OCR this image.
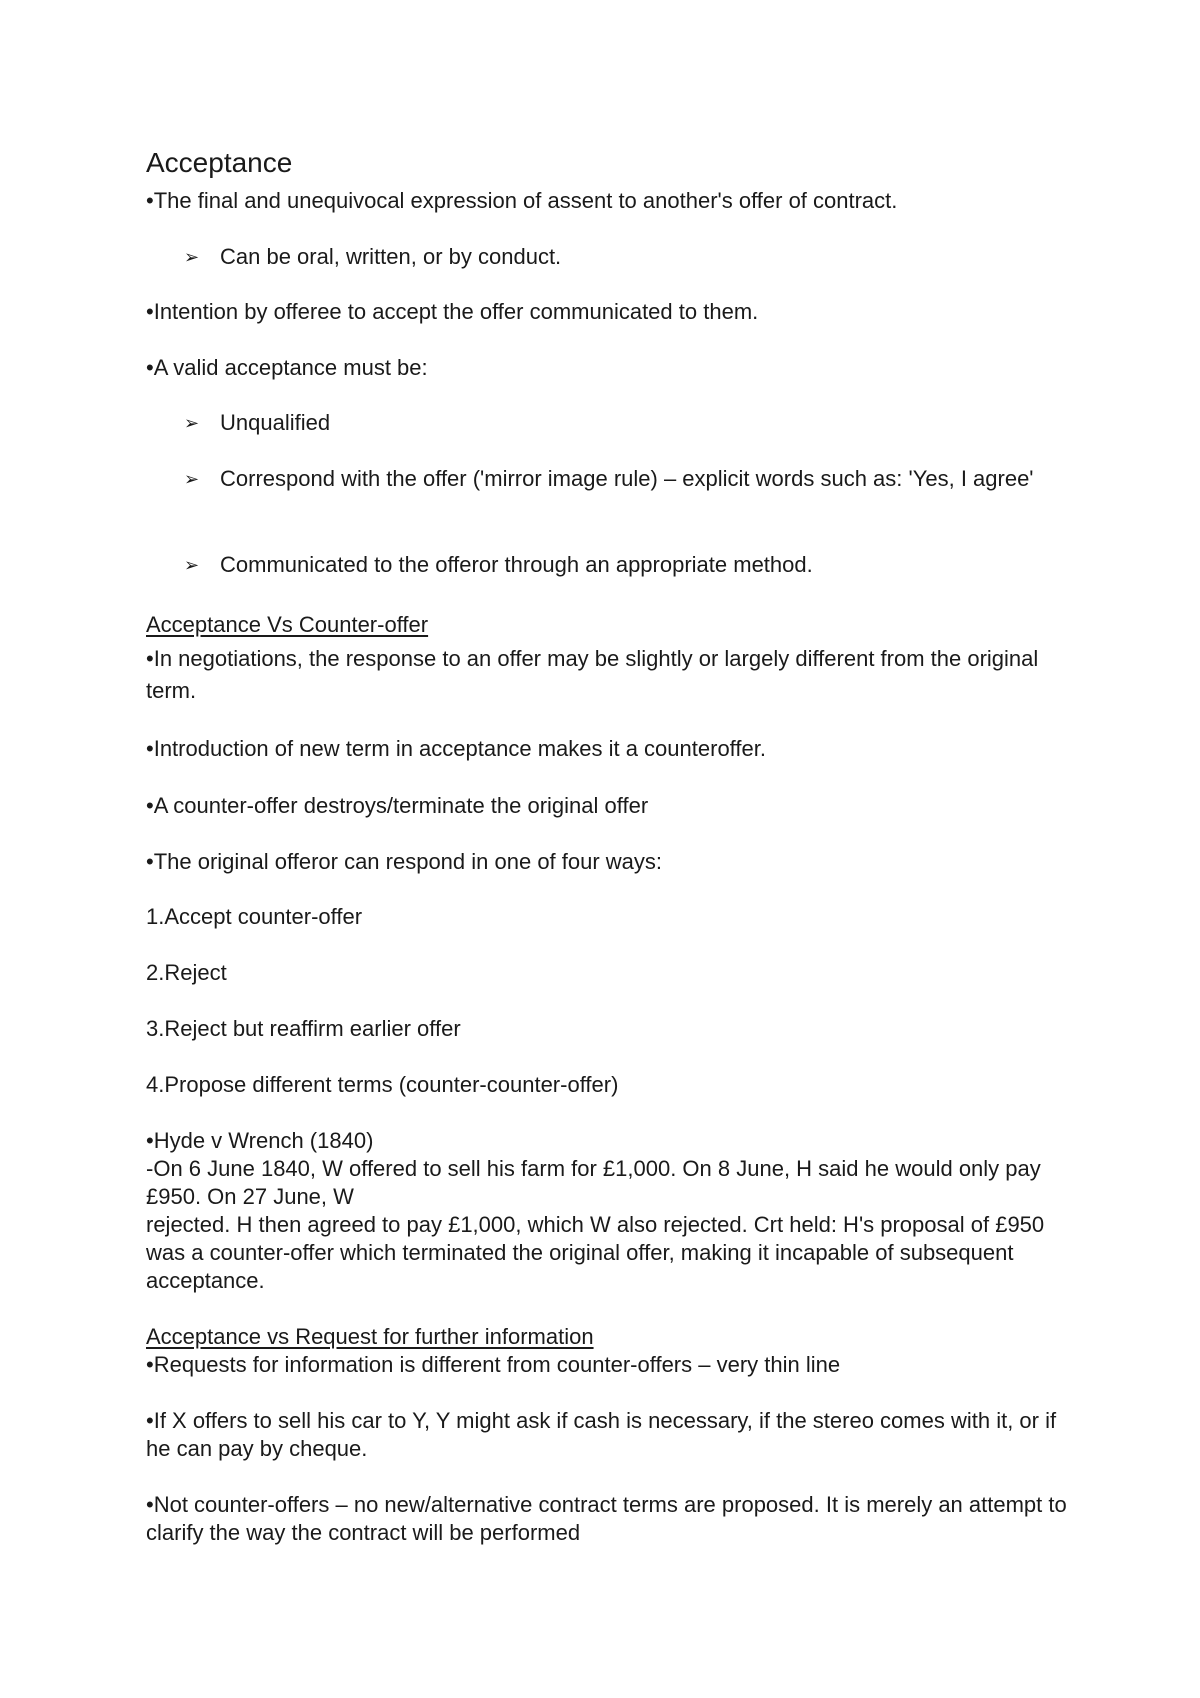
Acceptance
•The final and unequivocal expression of assent to another's offer of contract.
➢ Can be oral, written, or by conduct.
•Intention by offeree to accept the offer communicated to them.
•A valid acceptance must be:
➢ Unqualified
➢ Correspond with the offer ('mirror image rule) – explicit words such as: 'Yes, I agree'
➢ Communicated to the offeror through an appropriate method.
Acceptance Vs Counter-offer
•In negotiations, the response to an offer may be slightly or largely different from the original term.
•Introduction of new term in acceptance makes it a counteroffer.
•A counter-offer destroys/terminate the original offer
•The original offeror can respond in one of four ways:
1.Accept counter-offer
2.Reject
3.Reject but reaffirm earlier offer
4.Propose different terms (counter-counter-offer)
•Hyde v Wrench (1840)
-On 6 June 1840, W offered to sell his farm for £1,000. On 8 June, H said he would only pay £950. On 27 June, W
rejected. H then agreed to pay £1,000, which W also rejected. Crt held: H's proposal of £950 was a counter-offer which terminated the original offer, making it incapable of subsequent acceptance.
Acceptance vs Request for further information
•Requests for information is different from counter-offers – very thin line
•If X offers to sell his car to Y, Y might ask if cash is necessary, if the stereo comes with it, or if he can pay by cheque.
•Not counter-offers – no new/alternative contract terms are proposed. It is merely an attempt to clarify the way the contract will be performed
